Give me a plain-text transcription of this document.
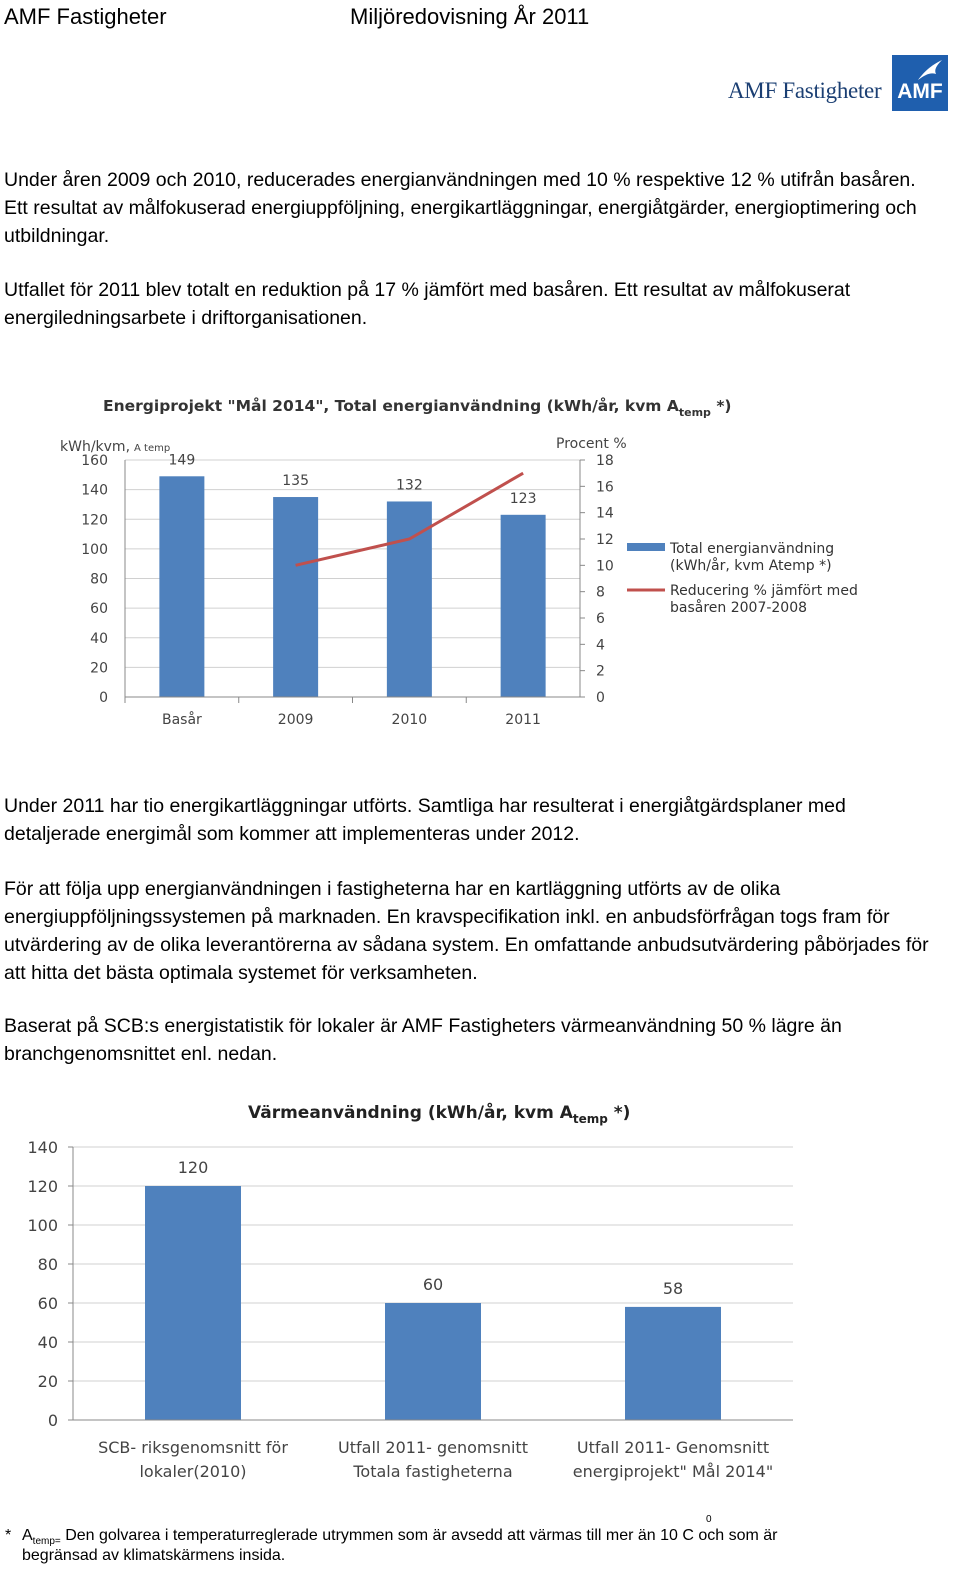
AMF Fastigheter	Miljöredovisning År 2011
AMF Fastigheter AMF

Under åren 2009 och 2010, reducerades energianvändningen med 10 % respektive 12 % utifrån basåren. Ett resultat av målfokuserad energiuppföljning, energikartläggningar, energiåtgärder, energioptimering och utbildningar.

Utfallet för 2011 blev totalt en reduktion på 17 % jämfört med basåren. Ett resultat av målfokuserat energiledningsarbete i driftorganisationen.

Energiprojekt "Mål 2014", Total energianvändning (kWh/år, kvm $A_{temp}$ *)
kWh/kvm, A temp	Procent %
149
135	132
123
0
20
40
60
80
100
120
140
160
0
2
4
6
8
10
12
14
16
18
Basår	2009	2010	2011
Total energianvändning
(kWh/år, kvm Atemp *)
Reducering % jämfört med
basåren 2007-2008

Under 2011 har tio energikartläggningar utförts. Samtliga har resulterat i energiåtgärdsplaner med detaljerade energimål som kommer att implementeras under 2012.

För att följa upp energianvändningen i fastigheterna har en kartläggning utförts av de olika energiuppföljningssystemen på marknaden. En kravspecifikation inkl. en anbudsförfrågan togs fram för utvärdering av de olika leverantörerna av sådana system. En omfattande anbudsutvärdering påbörjades för att hitta det bästa optimala systemet för verksamheten.

Baserat på SCB:s energistatistik för lokaler är AMF Fastigheters värmeanvändning 50 % lägre än branchgenomsnittet enl. nedan.

Värmeanvändning (kWh/år, kvm $A_{temp}$ *)
120
60	58
0
20
40
60
80
100
120
140
SCB- riksgenomsnitt för
lokaler(2010)
Utfall 2011- genomsnitt
Totala fastigheterna
Utfall 2011- Genomsnitt
energiprojekt" Mål 2014"
*
0
$A_{temp=}$ Den golvarea i temperaturreglerade utrymmen som är avsedd att värmas till mer än 10 C och som är
begränsad av klimatskärmens insida.
